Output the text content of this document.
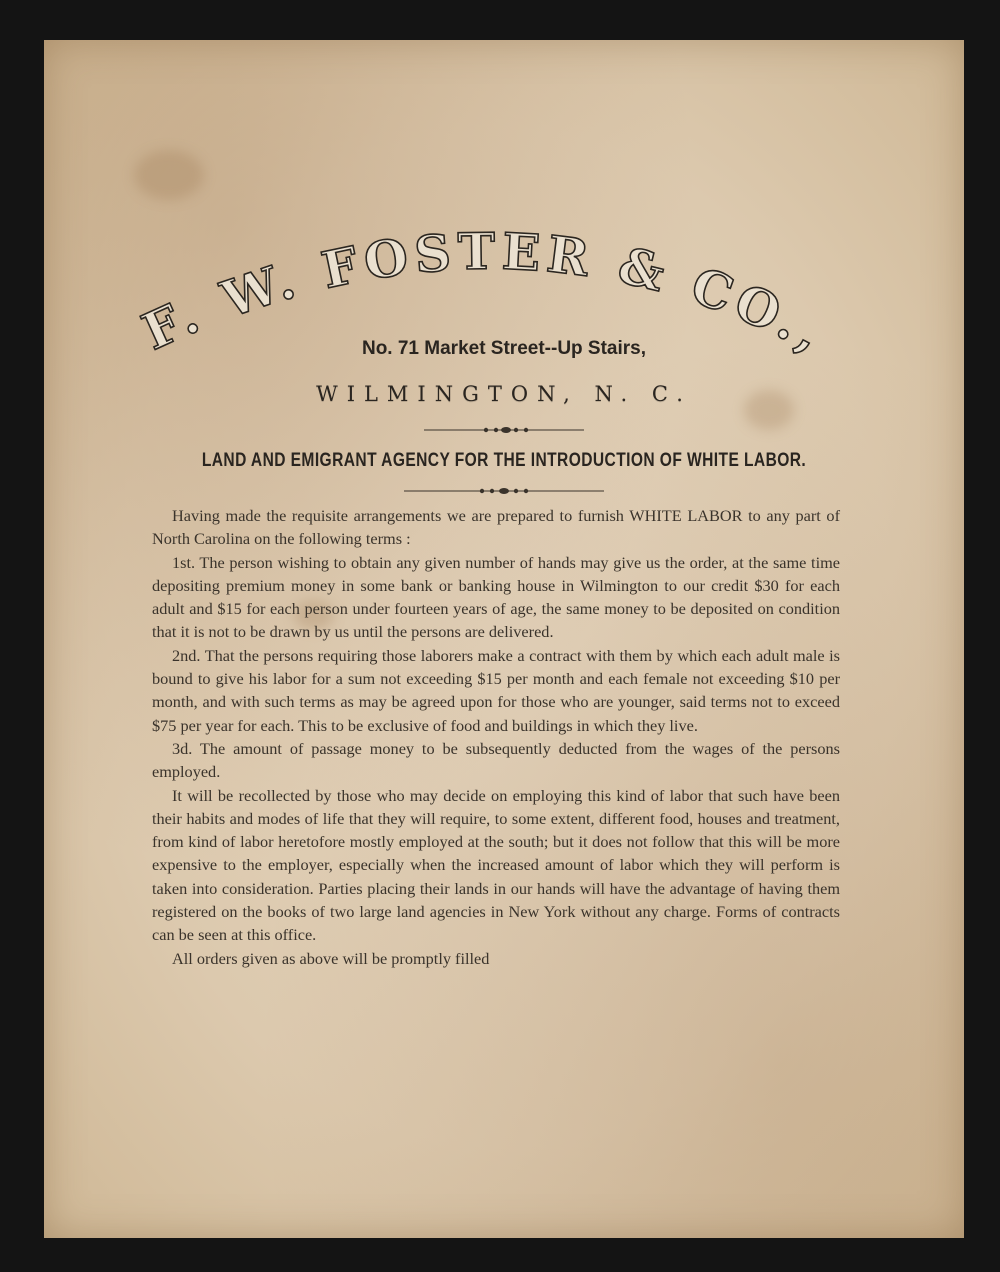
F. W. FOSTER & CO.,
No. 71 Market Street--Up Stairs,
WILMINGTON, N. C.
LAND AND EMIGRANT AGENCY FOR THE INTRODUCTION OF WHITE LABOR.

Having made the requisite arrangements we are prepared to furnish WHITE LABOR to any part of North Carolina on the following terms :

1st. The person wishing to obtain any given number of hands may give us the order, at the same time depositing premium money in some bank or banking house in Wilmington to our credit $30 for each adult and $15 for each person under fourteen years of age, the same money to be deposited on condition that it is not to be drawn by us until the persons are delivered.

2nd. That the persons requiring those laborers make a contract with them by which each adult male is bound to give his labor for a sum not exceeding $15 per month and each female not exceeding $10 per month, and with such terms as may be agreed upon for those who are younger, said terms not to exceed $75 per year for each. This to be exclusive of food and buildings in which they live.

3d. The amount of passage money to be subsequently deducted from the wages of the persons employed.

It will be recollected by those who may decide on employing this kind of labor that such have been their habits and modes of life that they will require, to some extent, different food, houses and treatment, from kind of labor heretofore mostly employed at the south; but it does not follow that this will be more expensive to the employer, especially when the increased amount of labor which they will perform is taken into consideration. Parties placing their lands in our hands will have the advantage of having them registered on the books of two large land agencies in New York without any charge. Forms of contracts can be seen at this office.

All orders given as above will be promptly filled
